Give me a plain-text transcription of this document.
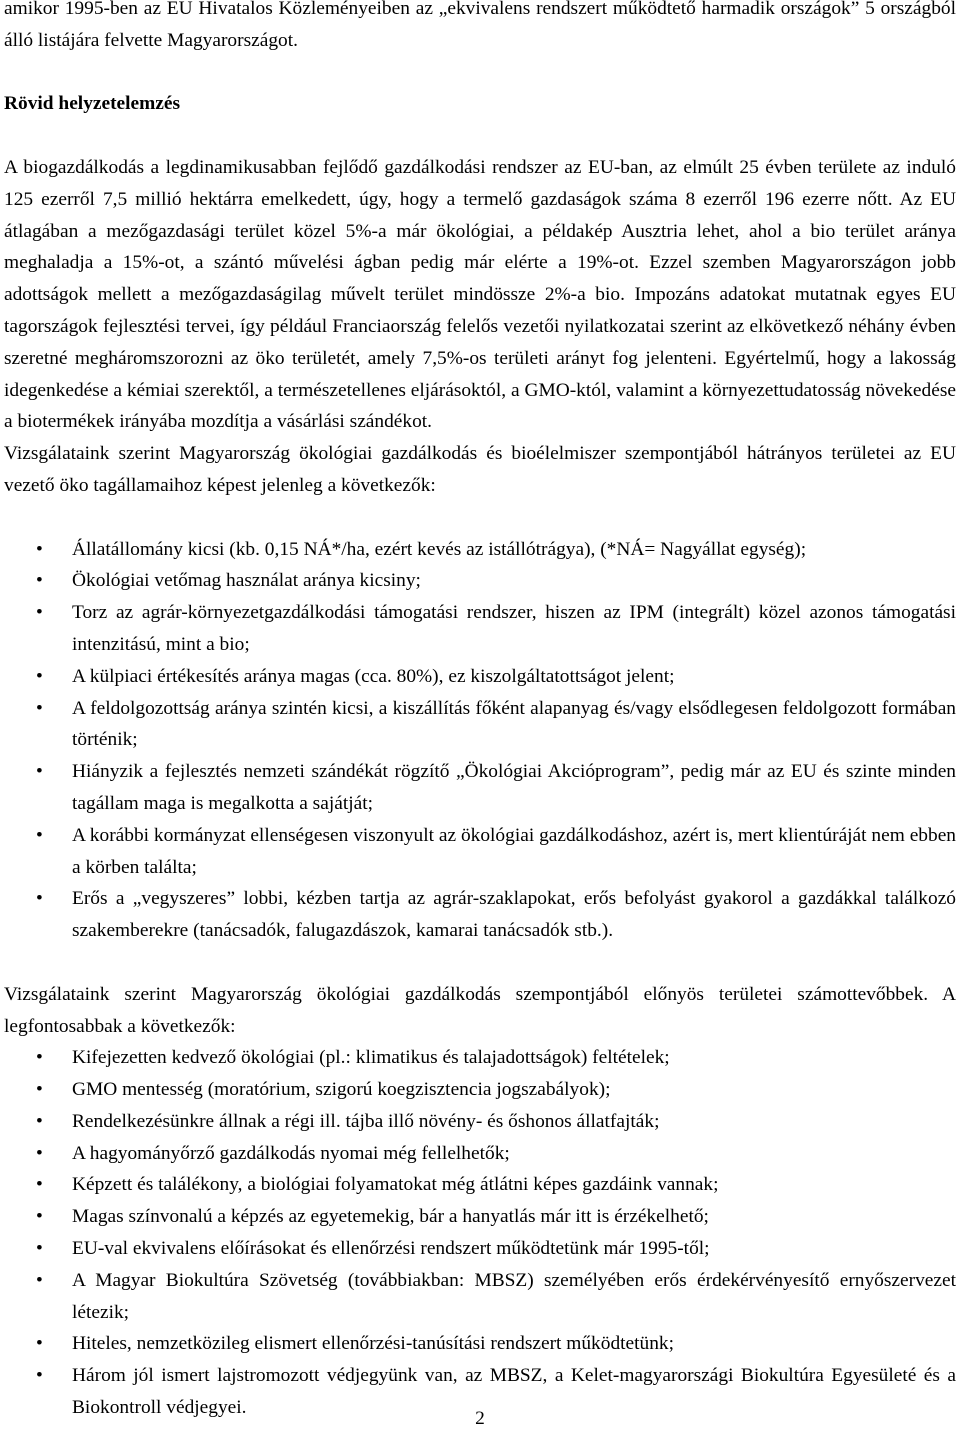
amikor 1995-ben az EU Hivatalos Közleményeiben az „ekvivalens rendszert működtető harmadik országok” 5 országból álló listájára felvette Magyarországot.

Rövid helyzetelemzés

A biogazdálkodás a legdinamikusabban fejlődő gazdálkodási rendszer az EU-ban, az elmúlt 25 évben területe az induló 125 ezerről 7,5 millió hektárra emelkedett, úgy, hogy a termelő gazdaságok száma 8 ezerről 196 ezerre nőtt. Az EU átlagában a mezőgazdasági terület közel 5%-a már ökológiai, a példakép Ausztria lehet, ahol a bio terület aránya meghaladja a 15%-ot, a szántó művelési ágban pedig már elérte a 19%-ot. Ezzel szemben Magyarországon jobb adottságok mellett a mezőgazdaságilag művelt terület mindössze 2%-a bio. Impozáns adatokat mutatnak egyes EU tagországok fejlesztési tervei, így például Franciaország felelős vezetői nyilatkozatai szerint az elkövetkező néhány évben szeretné megháromszorozni az öko területét, amely 7,5%-os területi arányt fog jelenteni. Egyértelmű, hogy a lakosság idegenkedése a kémiai szerektől, a természetellenes eljárásoktól, a GMO-któl, valamint a környezettudatosság növekedése a biotermékek irányába mozdítja a vásárlási szándékot.

Vizsgálataink szerint Magyarország ökológiai gazdálkodás és bioélelmiszer szempontjából hátrányos területei az EU vezető öko tagállamaihoz képest jelenleg a következők:

• Állatállomány kicsi (kb. 0,15 NÁ*/ha, ezért kevés az istállótrágya), (*NÁ= Nagyállat egység);
• Ökológiai vetőmag használat aránya kicsiny;
• Torz az agrár-környezetgazdálkodási támogatási rendszer, hiszen az IPM (integrált) közel azonos támogatási intenzitású, mint a bio;
• A külpiaci értékesítés aránya magas (cca. 80%), ez kiszolgáltatottságot jelent;
• A feldolgozottság aránya szintén kicsi, a kiszállítás főként alapanyag és/vagy elsődlegesen feldolgozott formában történik;
• Hiányzik a fejlesztés nemzeti szándékát rögzítő „Ökológiai Akcióprogram”, pedig már az EU és szinte minden tagállam maga is megalkotta a sajátját;
• A korábbi kormányzat ellenségesen viszonyult az ökológiai gazdálkodáshoz, azért is, mert klientúráját nem ebben a körben találta;
• Erős a „vegyszeres” lobbi, kézben tartja az agrár-szaklapokat, erős befolyást gyakorol a gazdákkal találkozó szakemberekre (tanácsadók, falugazdászok, kamarai tanácsadók stb.).

Vizsgálataink szerint Magyarország ökológiai gazdálkodás szempontjából előnyös területei számottevőbbek. A legfontosabbak a következők:

• Kifejezetten kedvező ökológiai (pl.: klimatikus és talajadottságok) feltételek;
• GMO mentesség (moratórium, szigorú koegzisztencia jogszabályok);
• Rendelkezésünkre állnak a régi ill. tájba illő növény- és őshonos állatfajták;
• A hagyományőrző gazdálkodás nyomai még fellelhetők;
• Képzett és találékony, a biológiai folyamatokat még átlátni képes gazdáink vannak;
• Magas színvonalú a képzés az egyetemekig, bár a hanyatlás már itt is érzékelhető;
• EU-val ekvivalens előírásokat és ellenőrzési rendszert működtetünk már 1995-től;
• A Magyar Biokultúra Szövetség (továbbiakban: MBSZ) személyében erős érdekérvényesítő ernyőszervezet létezik;
• Hiteles, nemzetközileg elismert ellenőrzési-tanúsítási rendszert működtetünk;
• Három jól ismert lajstromozott védjegyünk van, az MBSZ, a Kelet-magyarországi Biokultúra Egyesületé és a Biokontroll védjegyei.
2
